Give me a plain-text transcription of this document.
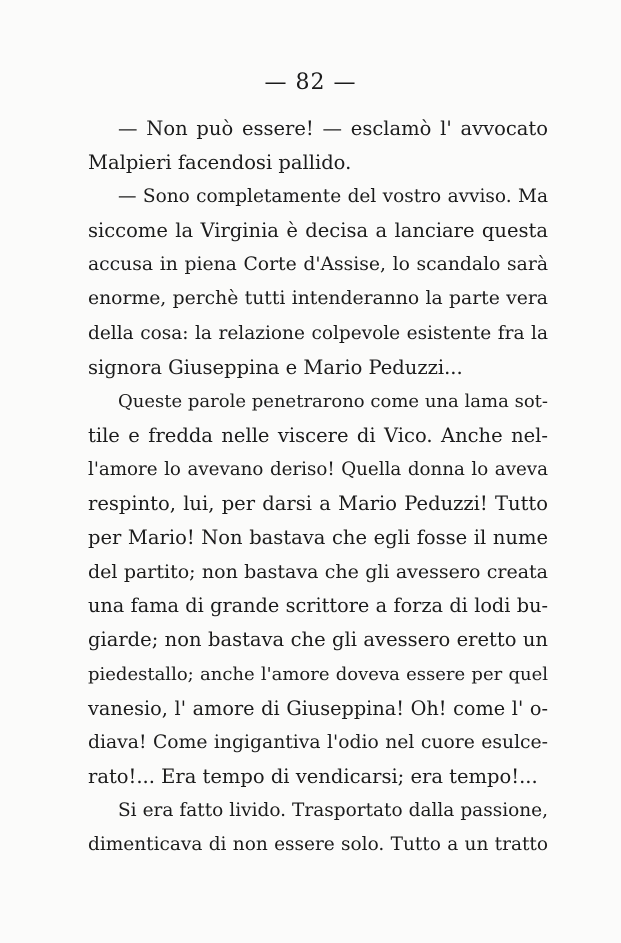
— 82 —
— Non può essere! — esclamò l' avvocato
Malpieri facendosi pallido.
— Sono completamente del vostro avviso. Ma
siccome la Virginia è decisa a lanciare questa
accusa in piena Corte d'Assise, lo scandalo sarà
enorme, perchè tutti intenderanno la parte vera
della cosa: la relazione colpevole esistente fra la
signora Giuseppina e Mario Peduzzi...
Queste parole penetrarono come una lama sot-
tile e fredda nelle viscere di Vico. Anche nel-
l'amore lo avevano deriso! Quella donna lo aveva
respinto, lui, per darsi a Mario Peduzzi! Tutto
per Mario! Non bastava che egli fosse il nume
del partito; non bastava che gli avessero creata
una fama di grande scrittore a forza di lodi bu-
giarde; non bastava che gli avessero eretto un
piedestallo; anche l'amore doveva essere per quel
vanesio, l' amore di Giuseppina! Oh! come l' o-
diava! Come ingigantiva l'odio nel cuore esulce-
rato!... Era tempo di vendicarsi; era tempo!...
Si era fatto livido. Trasportato dalla passione,
dimenticava di non essere solo. Tutto a un tratto
